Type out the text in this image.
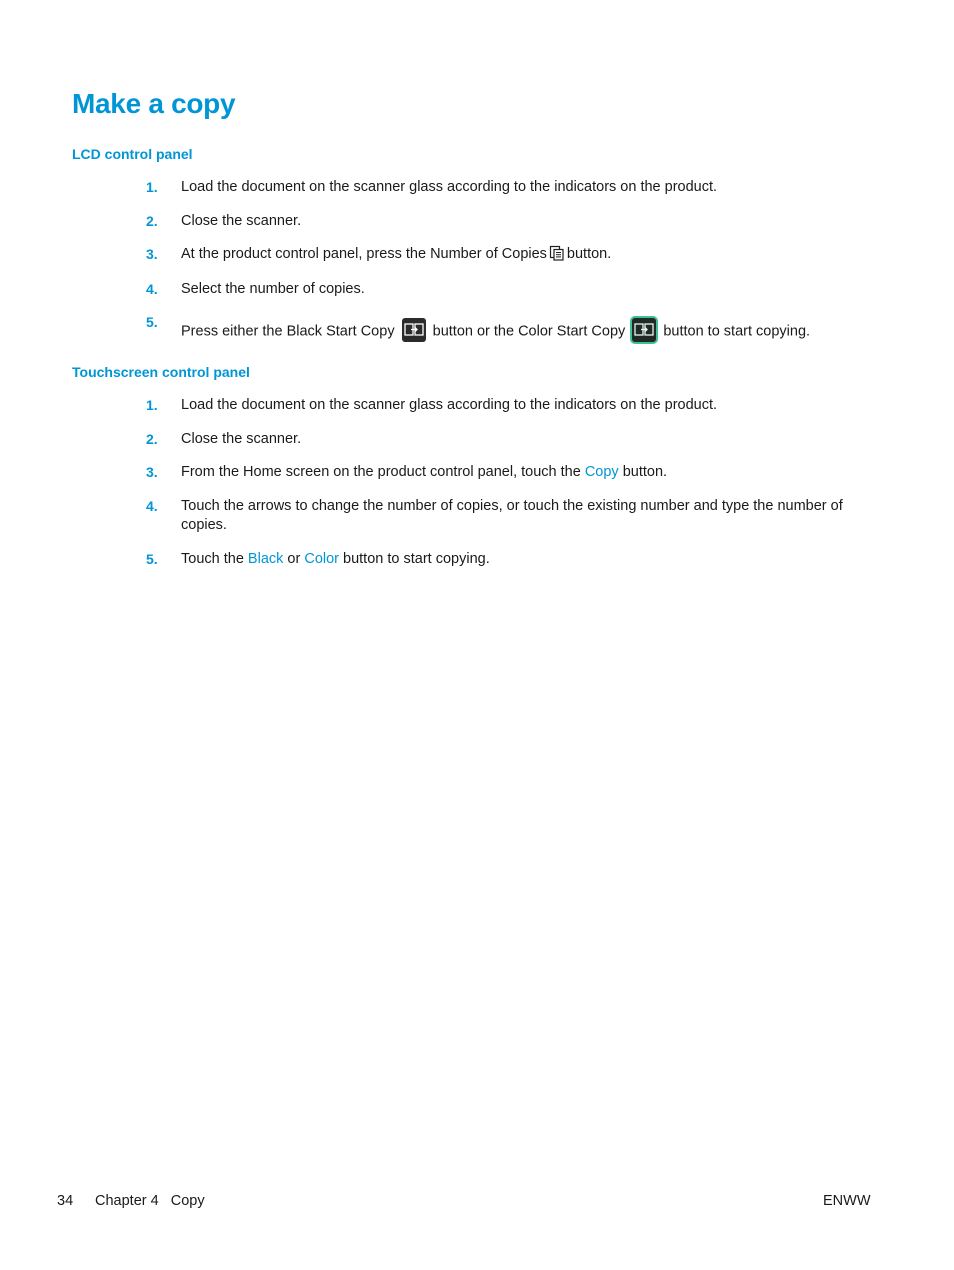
Make a copy
LCD control panel
1. Load the document on the scanner glass according to the indicators on the product.
2. Close the scanner.
3. At the product control panel, press the Number of Copies button.
4. Select the number of copies.
5.
Press either the Black Start Copy	button or the Color Start Copy	button to start copying.
Touchscreen control panel
1. Load the document on the scanner glass according to the indicators on the product.
2. Close the scanner.
3. From the Home screen on the product control panel, touch the Copy button.
4. Touch the arrows to change the number of copies, or touch the existing number and type the number of copies.
5. Touch the Black or Color button to start copying.
34 Chapter 4   Copy	ENWW
